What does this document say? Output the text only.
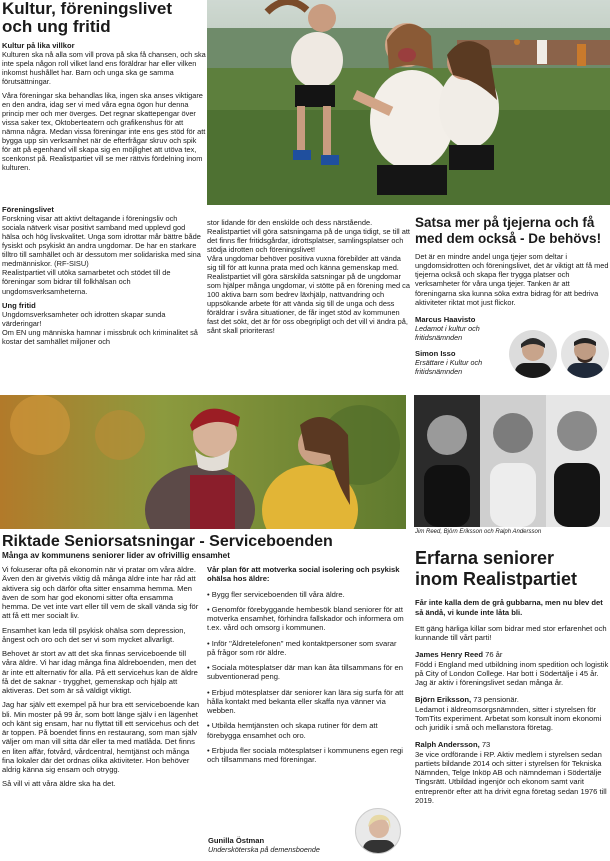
Kultur, föreningslivet
och ung fritid
Kultur på lika villkor
Kulturen ska nå alla som vill prova på ska få chansen, och ska inte spela någon roll vilket land ens föräldrar har eller vilken inkomst hushållet har. Barn och unga ska ge samma förutsättningar.
Våra föreningar ska behandlas lika, ingen ska anses viktigare en den andra, idag ser vi med våra egna ögon hur denna princip mer och mer överges. Det regnar skattepengar över vissa saker tex, Oktoberteatern och grafikenshus för att nämna några. Medan vissa föreningar inte ens ges stöd för att bygga upp sin verksamhet när de efterfrågar skruv och spik för att på egenhand vill skapa sig en möjlighet att utöva tex, scenkonst på. Realistpartiet vill se mer rättvis fördelning inom kulturen.
Föreningslivet
Forskning visar att aktivt deltagande i föreningsliv och sociala nätverk visar positivt samband med upplevd god hälsa och hög livskvalitet. Unga som idrottar mår bättre både fysiskt och psykiskt än andra ungdomar. De har en starkare tilltro till samhället och är dessutom mer solidariska med sina medmänniskor. (RF-SISU)
Realistpartiet vill utöka samarbetet och stödet till de föreningar som bidrar till folkhälsan och ungdomsverksamheterna.
Ung fritid
Ungdomsverksamheter och idrotten skapar sunda värderingar!
Om EN ung människa hamnar i missbruk och kriminalitet så kostar det samhället miljoner och
stor lidande för den enskilde och dess närstående. Realistpartiet vill göra satsningarna på de unga tidigt, se till att det finns fler fritidsgårdar, idrottsplatser, samlingsplatser och stödja idrotten och föreningslivet!
Våra ungdomar behöver positiva vuxna förebilder att vända sig till för att kunna prata med och känna gemenskap med. Realistpartiet vill göra särskilda satsningar på de ungdomar som hjälper många ungdomar, vi stötte på en förening med ca 100 aktiva barn som bedrev läxhjälp, nattvandring och uppsökande arbete för att vända sig till de unga och dess föräldrar i svåra situationer, de får inget stöd av kommunen fast det sökt, det är för oss obegripligt och det vill vi ändra på, sånt skall prioriteras!
Satsa mer på tjejerna och få med dem också - De behövs!
Det är en mindre andel unga tjejer som deltar i ungdomsidrotten och föreningslivet, det är viktigt att få med tjejerna också och skapa fler trygga platser och verksamheter för våra unga tjejer. Tanken är att föreningarna ska kunna söka extra bidrag för att bedriva aktiviteter riktat mot just flickor.
Marcus Haavisto
Ledamot i kultur och fritidsnämnden
Simon Isso
Ersättare i Kultur och fritidsnämnden
Jim Reed, Björn Eriksson och Ralph Andersson
Riktade Seniorsatsningar - Serviceboenden
Många av kommunens seniorer lider av ofrivillig ensamhet
Vi fokuserar ofta på ekonomin när vi pratar om våra äldre. Även den är givetvis viktig då många äldre inte har råd att aktivera sig och därför ofta sitter ensamma hemma. Men även de som har god ekonomi sitter ofta ensamma hemma. De vet inte vart eller till vem de skall vända sig för att få ett mer socialt liv.
Ensamhet kan leda till psykisk ohälsa som depression, ångest och oro och det ser vi som mycket allvarligt.
Behovet är stort av att det ska finnas serviceboende till våra äldre. Vi har idag många fina äldreboenden, men det är inte ett alternativ för alla. På ett servicehus kan de äldre få det de saknar - trygghet, gemenskap och hjälp att aktiveras. Det som är så väldigt viktigt.
Jag har själv ett exempel på hur bra ett serviceboende kan bli. Min moster på 99 år, som bott länge själv i en lägenhet och känt sig ensam, har nu flyttat till ett servicehus och det är toppen. På boendet finns en restaurang, som man själv väljer om man vill sitta där eller ta med matlåda. Det finns en liten affär, fotvård, vårdcentral, hemtjänst och många fina lokaler där det ordnas olika aktiviteter. Hon behöver aldrig känna sig ensam och otrygg.
Så vill vi att våra äldre ska ha det.
Vår plan för att motverka social isolering och psykisk ohälsa hos äldre:
• Bygg fler serviceboenden till våra äldre.
• Genomför förebyggande hembesök bland seniorer för att motverka ensamhet, förhindra fallskador och informera om t.ex. vård och omsorg i kommunen.
• Inför "Äldretelefonen" med kontaktpersoner som svarar på frågor som rör äldre.
• Sociala mötesplatser där man kan åta tillsammans för en subventionerad peng.
• Erbjud mötesplatser där seniorer kan lära sig surfa för att hålla kontakt med bekanta eller skaffa nya vänner via webben.
• Utbilda hemtjänsten och skapa rutiner för dem att förebygga ensamhet och oro.
• Erbjuda fler sociala mötesplatser i kommunens egen regi och tillsammans med föreningar.
Gunilla Östman
Undersköterska på demensboende
Erfarna seniorer
inom Realistpartiet
Får inte kalla dem de grå gubbarna, men nu blev det så ändå, vi kunde inte låta bli.
Ett gäng härliga killar som bidrar med stor erfarenhet och kunnande till vårt parti!
James Henry Reed 76 år
Född i England med utbildning inom spedition och logistik på City of London College. Har bott i Södertälje i 45 år. Jag är aktiv i föreningslivet sedan många år.
Björn Eriksson, 73 pensionär.
Ledamot i äldreomsorgsnämnden, sitter i styrelsen för TomTits experiment. Arbetat som konsult inom ekonomi och juridik i små och mellanstora företag.
Ralph Andersson, 73
3e vice ordförande i RP. Aktiv medlem i styrelsen sedan partiets bildande 2014 och sitter i styrelsen för Tekniska Nämnden, Telge Inköp AB och nämndeman i Södertälje Tingsrätt. Utbildad ingenjör och ekonom samt varit entreprenör efter att ha drivit egna företag sedan 1976 till 2019.
